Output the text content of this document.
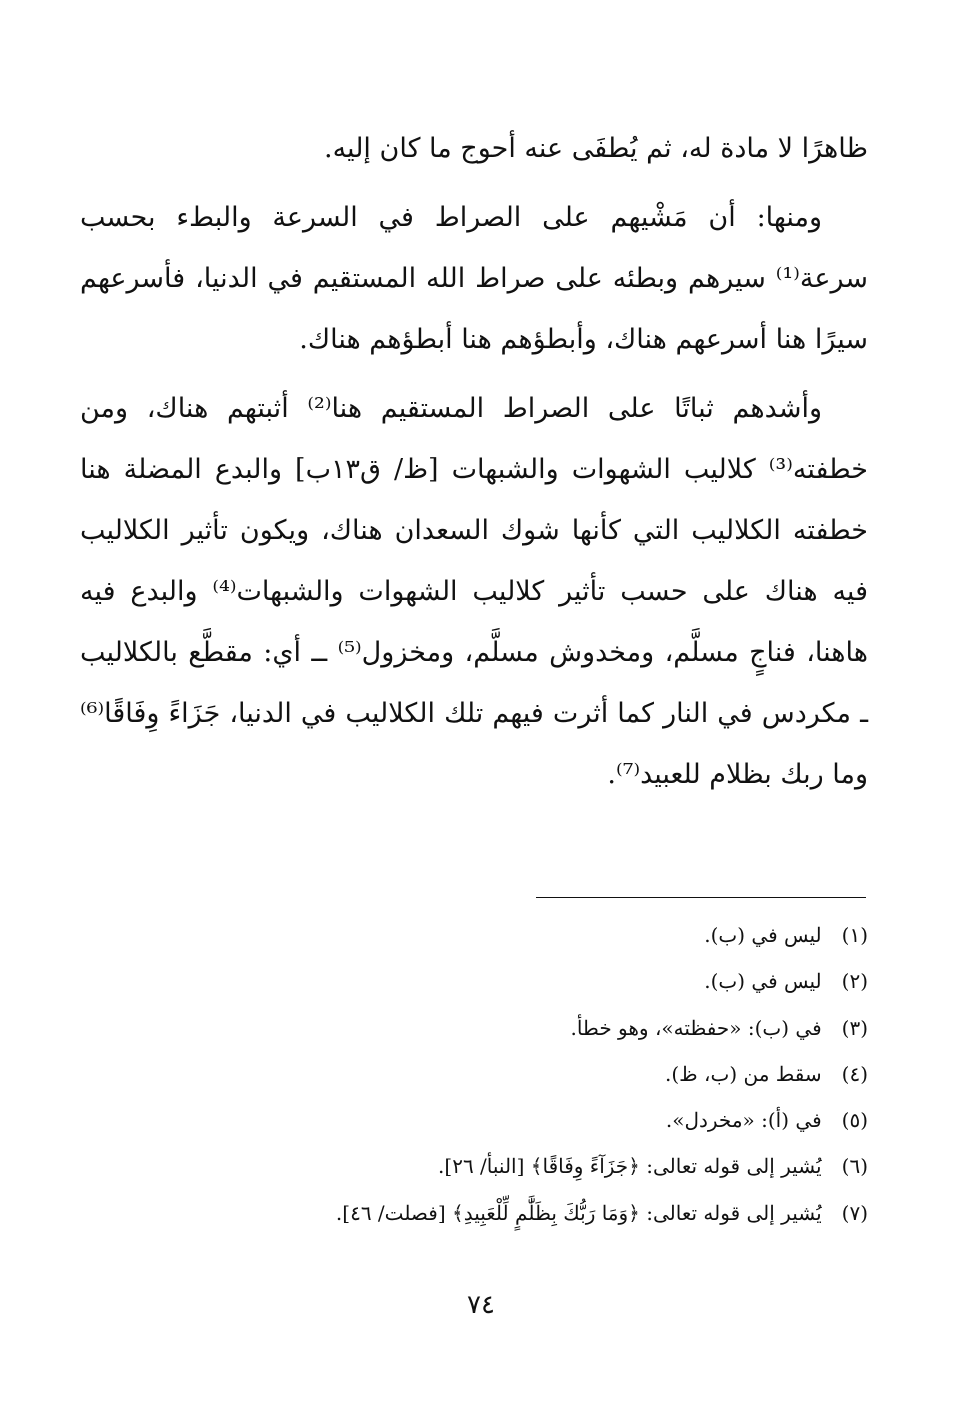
ظاهرًا لا مادة له، ثم يُطفَى عنه أحوج ما كان إليه.

ومنها: أن مَشْيهم على الصراط في السرعة والبطء بحسب سرعة⁽¹⁾ سيرهم وبطئه على صراط الله المستقيم في الدنيا، فأسرعهم سيرًا هنا أسرعهم هناك، وأبطؤهم هنا أبطؤهم هناك.

وأشدهم ثباتًا على الصراط المستقيم هنا⁽²⁾ أثبتهم هناك، ومن خطفته⁽³⁾ كلاليب الشهوات والشبهات [ظ/ ق١٣ب] والبدع المضلة هنا خطفته الكلاليب التي كأنها شوك السعدان هناك، ويكون تأثير الكلاليب فيه هناك على حسب تأثير كلاليب الشهوات والشبهات⁽⁴⁾ والبدع فيه هاهنا، فناجٍ مسلَّم، ومخدوش مسلَّم، ومخزول⁽⁵⁾ ــ أي: مقطَّع بالكلاليب ـ مكردس في النار كما أثرت فيهم تلك الكلاليب في الدنيا، جَزَاءً وِفَاقًا⁽⁶⁾ وما ربك بظلام للعبيد⁽⁷⁾.

(١) ليس في (ب).
(٢) ليس في (ب).
(٣) في (ب): «حفظته»، وهو خطأ.
(٤) سقط من (ب، ظ).
(٥) في (أ): «مخردل».
(٦) يُشير إلى قوله تعالى: ﴿جَزَآءً وِفَاقًا﴾ [النبأ/ ٢٦].
(٧) يُشير إلى قوله تعالى: ﴿وَمَا رَبُّكَ بِظَلَّٰمٍ لِّلْعَبِيدِ﴾ [فصلت/ ٤٦].
٧٤
